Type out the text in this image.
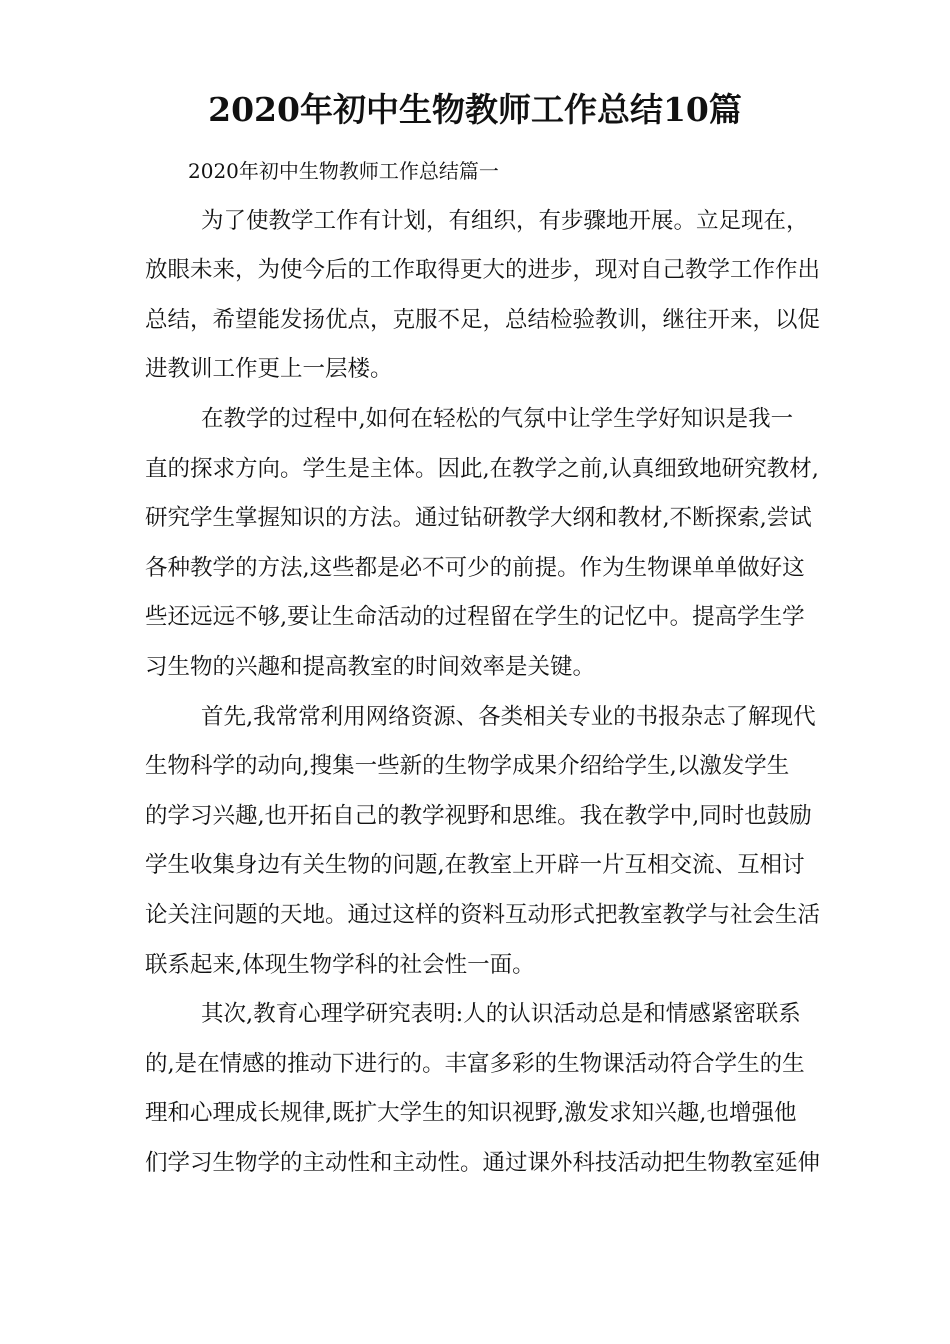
2020年初中生物教师工作总结10篇

2020年初中生物教师工作总结篇一

为了使教学工作有计划，有组织，有步骤地开展。立足现在，

放眼未来，为使今后的工作取得更大的进步，现对自己教学工作作出

总结，希望能发扬优点，克服不足，总结检验教训，继往开来，以促

进教训工作更上一层楼。

在教学的过程中,如何在轻松的气氛中让学生学好知识是我一

直的探求方向。学生是主体。因此,在教学之前,认真细致地研究教材,

研究学生掌握知识的方法。通过钻研教学大纲和教材,不断探索,尝试

各种教学的方法,这些都是必不可少的前提。作为生物课单单做好这

些还远远不够,要让生命活动的过程留在学生的记忆中。提高学生学

习生物的兴趣和提高教室的时间效率是关键。

首先,我常常利用网络资源、各类相关专业的书报杂志了解现代

生物科学的动向,搜集一些新的生物学成果介绍给学生,以激发学生

的学习兴趣,也开拓自己的教学视野和思维。我在教学中,同时也鼓励

学生收集身边有关生物的问题,在教室上开辟一片互相交流、互相讨

论关注问题的天地。通过这样的资料互动形式把教室教学与社会生活

联系起来,体现生物学科的社会性一面。

其次,教育心理学研究表明:人的认识活动总是和情感紧密联系

的,是在情感的推动下进行的。丰富多彩的生物课活动符合学生的生

理和心理成长规律,既扩大学生的知识视野,激发求知兴趣,也增强他

们学习生物学的主动性和主动性。通过课外科技活动把生物教室延伸
